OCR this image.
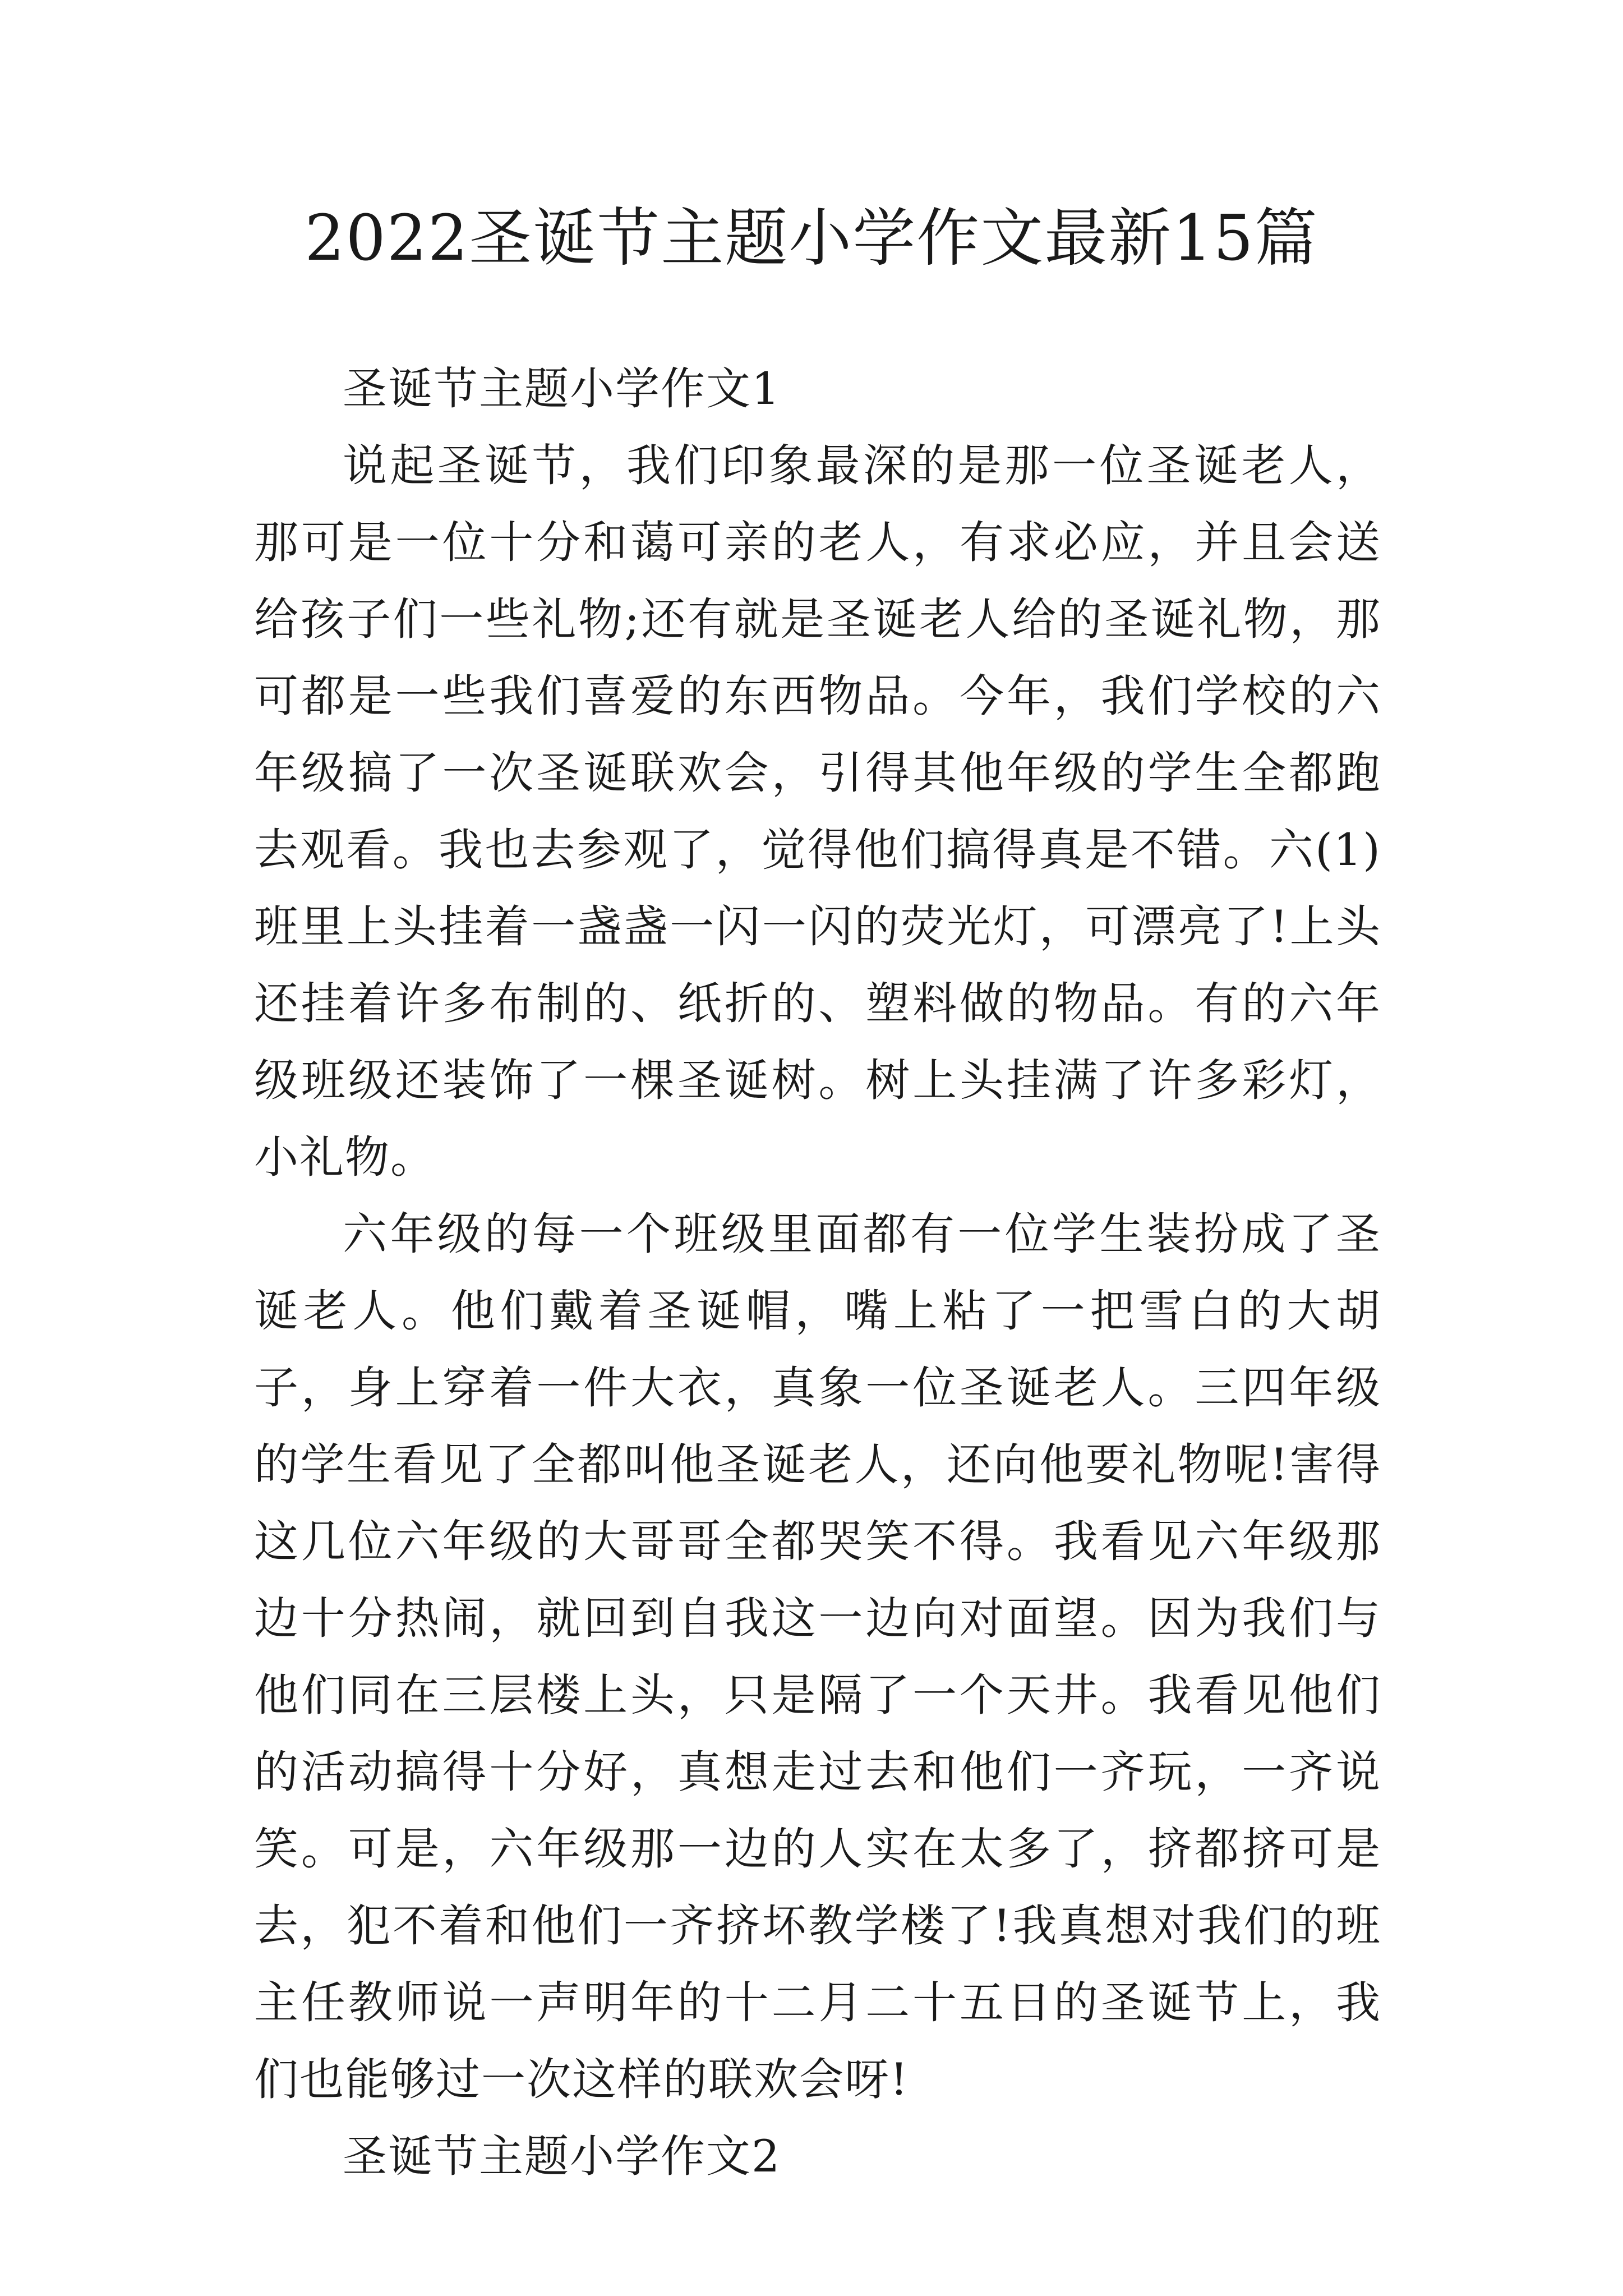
2022圣诞节主题小学作文最新15篇

圣诞节主题小学作文1

说起圣诞节，我们印象最深的是那一位圣诞老人，那可是一位十分和蔼可亲的老人，有求必应，并且会送给孩子们一些礼物;还有就是圣诞老人给的圣诞礼物，那可都是一些我们喜爱的东西物品。今年，我们学校的六年级搞了一次圣诞联欢会，引得其他年级的学生全都跑去观看。我也去参观了，觉得他们搞得真是不错。六(1)班里上头挂着一盏盏一闪一闪的荧光灯，可漂亮了!上头还挂着许多布制的、纸折的、塑料做的物品。有的六年级班级还装饰了一棵圣诞树。树上头挂满了许多彩灯，小礼物。

六年级的每一个班级里面都有一位学生装扮成了圣诞老人。他们戴着圣诞帽，嘴上粘了一把雪白的大胡子，身上穿着一件大衣，真象一位圣诞老人。三四年级的学生看见了全都叫他圣诞老人，还向他要礼物呢!害得这几位六年级的大哥哥全都哭笑不得。我看见六年级那边十分热闹，就回到自我这一边向对面望。因为我们与他们同在三层楼上头，只是隔了一个天井。我看见他们的活动搞得十分好，真想走过去和他们一齐玩，一齐说笑。可是，六年级那一边的人实在太多了，挤都挤可是去，犯不着和他们一齐挤坏教学楼了!我真想对我们的班主任教师说一声明年的十二月二十五日的圣诞节上，我们也能够过一次这样的联欢会呀!

圣诞节主题小学作文2
